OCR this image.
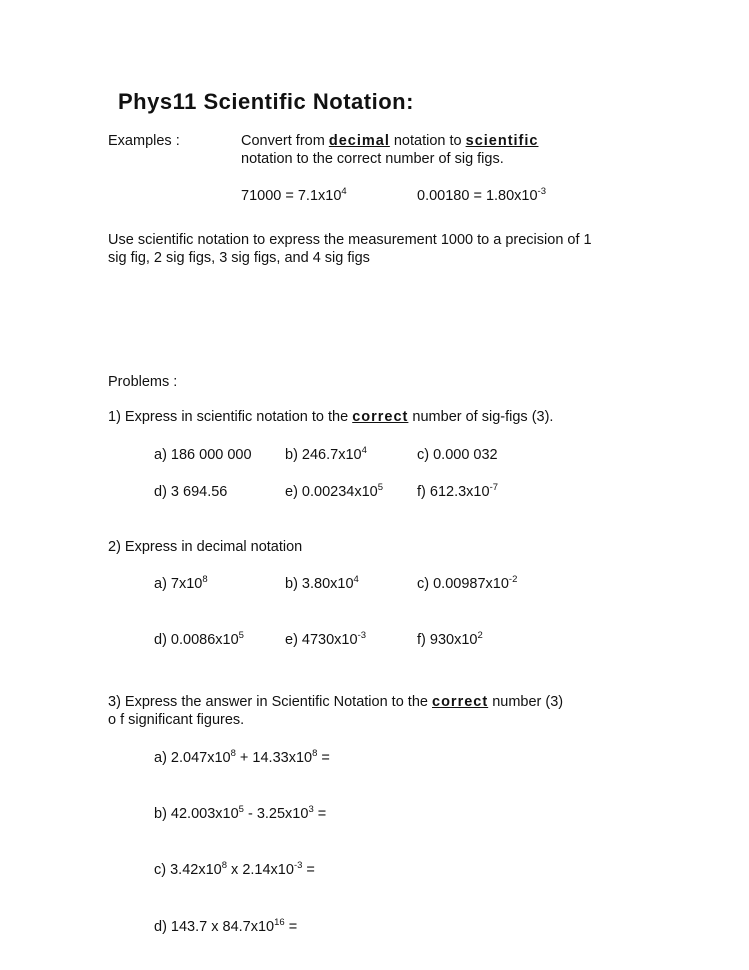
Phys11 Scientific Notation:
Examples :	Convert from decimal notation to scientific
notation to the correct number of sig figs.
$71000 = 7.1x10^4$	$0.00180 = 1.80x10^{-3}$
Use scientific notation to express the measurement 1000 to a precision of 1
sig fig, 2 sig figs, 3 sig figs, and 4 sig figs
Problems :
1) Express in scientific notation to the correct number of sig-figs (3).
a) 186 000 000 b) $246.7x10^4$	c) 0.000 032
d) 3 694.56	e) $0.00234x10^5$ f) $612.3x10^{-7}$
2) Express in decimal notation
a) $7x10^8$	b) $3.80x10^4$	c) $0.00987x10^{-2}$
d) $0.0086x10^5$	e) $4730x10^{-3}$	f) $930x10^2$
3) Express the answer in Scientific Notation to the correct number (3)
o f significant figures.
a) $2.047x10^8 + 14.33x10^8$ =
b) $42.003x10^5 - 3.25x10^3$ =
c) $3.42x10^8$ x $2.14x10^{-3}$ =
d) 143.7 x $84.7x10^{16}$ =
